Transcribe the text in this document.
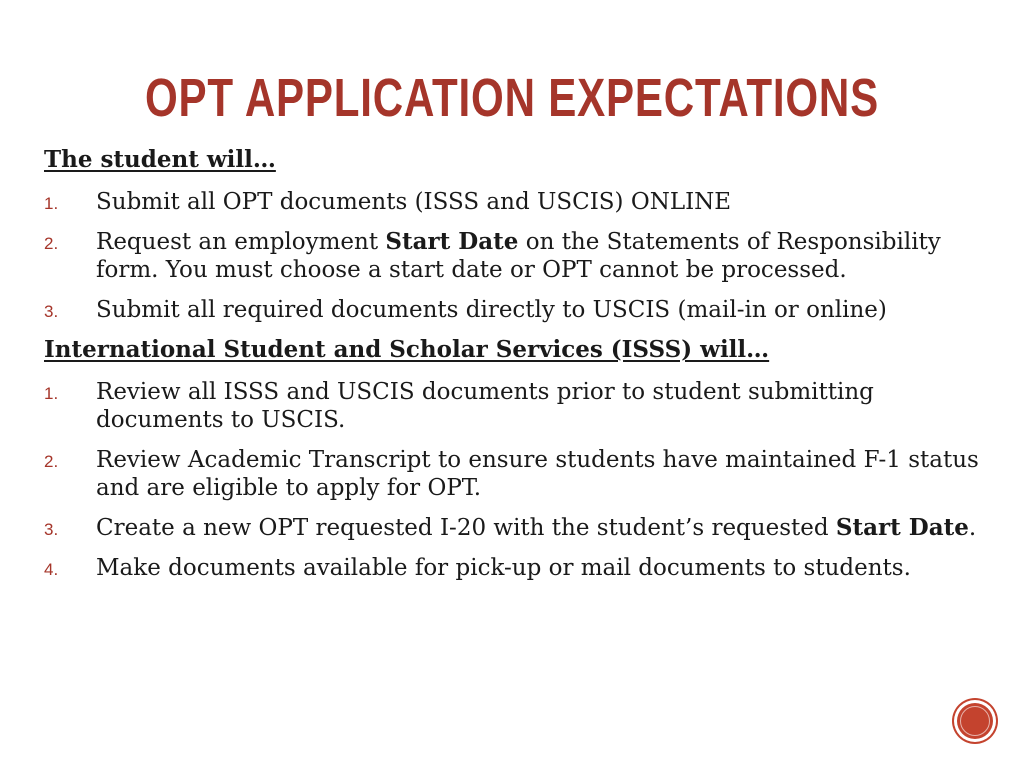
OPT APPLICATION EXPECTATIONS
The student will…
1. Submit all OPT documents (ISSS and USCIS) ONLINE
2. Request an employment Start Date on the Statements of Responsibility form. You must choose a start date or OPT cannot be processed.
3. Submit all required documents directly to USCIS (mail-in or online)
International Student and Scholar Services (ISSS) will…
1. Review all ISSS and USCIS documents prior to student submitting documents to USCIS.
2. Review Academic Transcript to ensure students have maintained F-1 status and are eligible to apply for OPT.
3. Create a new OPT requested I-20 with the student’s requested Start Date.
4. Make documents available for pick-up or mail documents to students.
